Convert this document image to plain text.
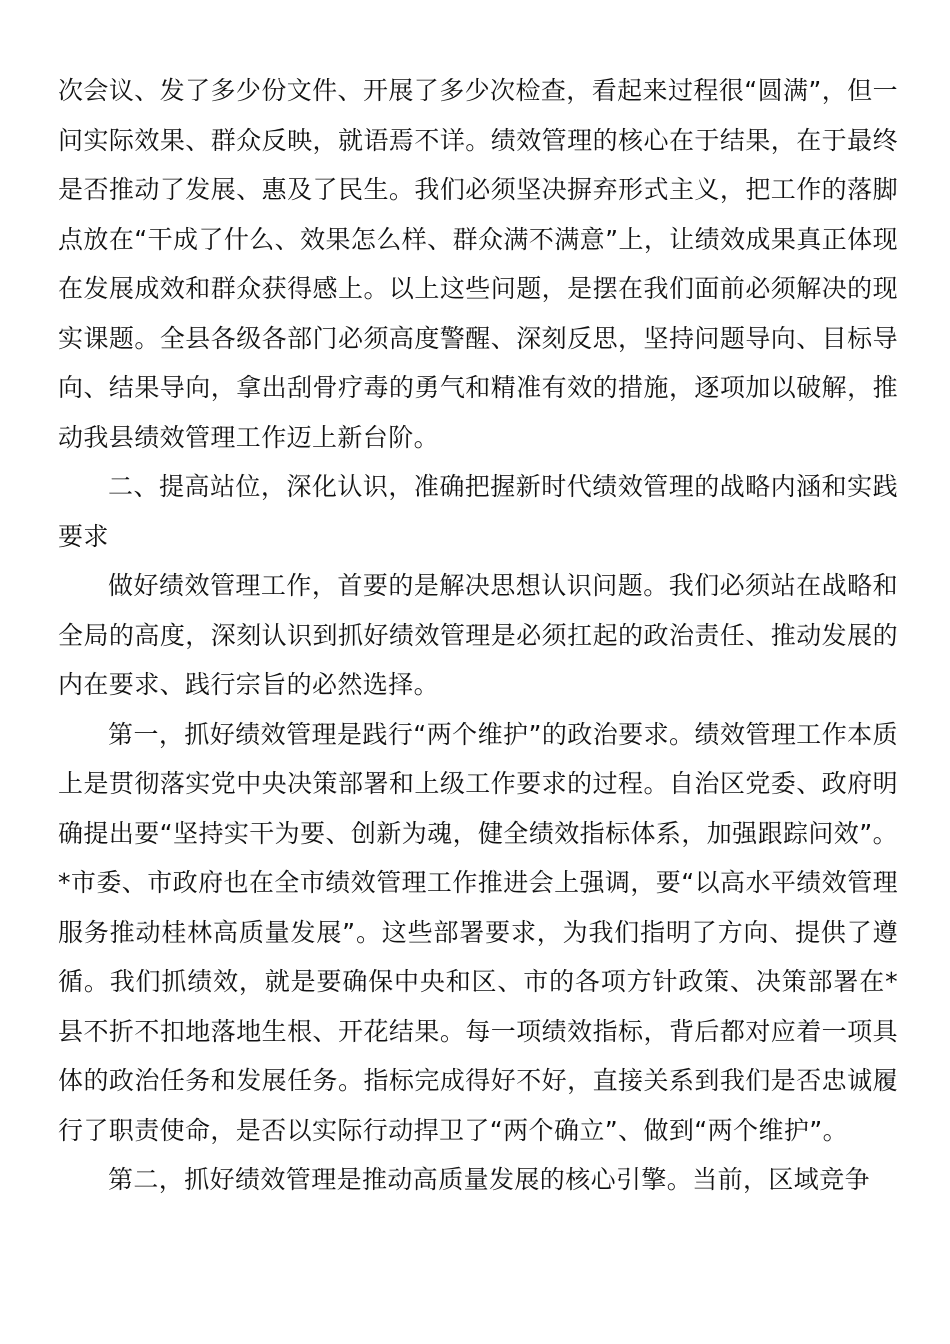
次会议、发了多少份文件、开展了多少次检查，看起来过程很“圆满”，但一问实际效果、群众反映，就语焉不详。绩效管理的核心在于结果，在于最终是否推动了发展、惠及了民生。我们必须坚决摒弃形式主义，把工作的落脚点放在“干成了什么、效果怎么样、群众满不满意”上，让绩效成果真正体现在发展成效和群众获得感上。以上这些问题，是摆在我们面前必须解决的现实课题。全县各级各部门必须高度警醒、深刻反思，坚持问题导向、目标导向、结果导向，拿出刮骨疗毒的勇气和精准有效的措施，逐项加以破解，推动我县绩效管理工作迈上新台阶。

二、提高站位，深化认识，准确把握新时代绩效管理的战略内涵和实践要求

做好绩效管理工作，首要的是解决思想认识问题。我们必须站在战略和全局的高度，深刻认识到抓好绩效管理是必须扛起的政治责任、推动发展的内在要求、践行宗旨的必然选择。

第一，抓好绩效管理是践行“两个维护”的政治要求。绩效管理工作本质上是贯彻落实党中央决策部署和上级工作要求的过程。自治区党委、政府明确提出要“坚持实干为要、创新为魂，健全绩效指标体系，加强跟踪问效”。*市委、市政府也在全市绩效管理工作推进会上强调，要“以高水平绩效管理服务推动桂林高质量发展”。这些部署要求，为我们指明了方向、提供了遵循。我们抓绩效，就是要确保中央和区、市的各项方针政策、决策部署在*县不折不扣地落地生根、开花结果。每一项绩效指标，背后都对应着一项具体的政治任务和发展任务。指标完成得好不好，直接关系到我们是否忠诚履行了职责使命，是否以实际行动捍卫了“两个确立”、做到“两个维护”。

第二，抓好绩效管理是推动高质量发展的核心引擎。当前，区域竞争
